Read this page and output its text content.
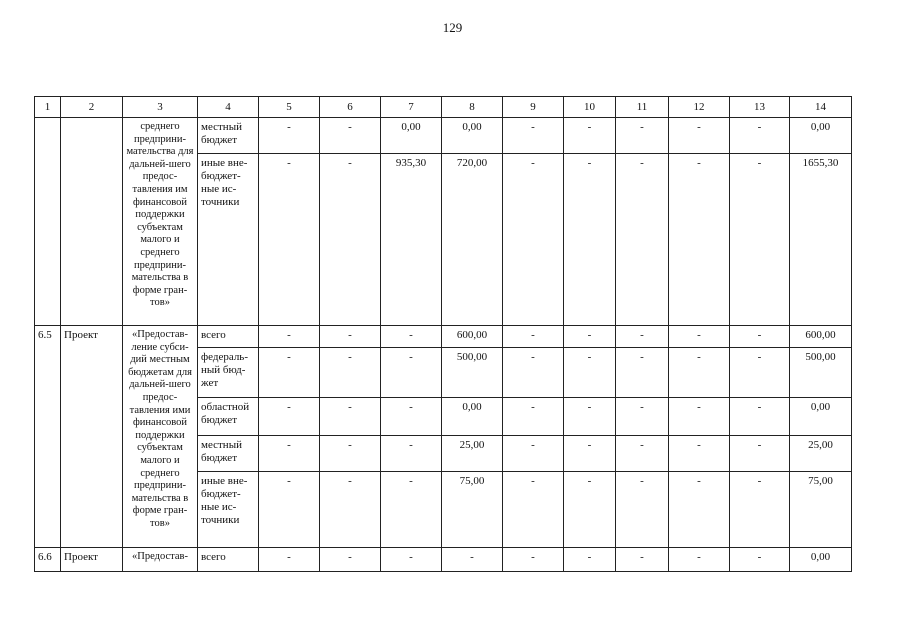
129
1	2	3	4	5	6	7	8	9	10	11	12	13	14
		среднего предприни-мательства для дальней-шего предос-тавления им финансовой поддержки субъектам малого и среднего предприни-мательства в форме гран-тов»	местный бюджет	-	-	0,00	0,00	-	-	-	-	-	0,00
			иные вне-бюджет-ные ис-точники	-	-	935,30	720,00	-	-	-	-	-	1655,30
6.5	Проект	«Предостав-ление субси-дий местным бюджетам для дальней-шего предос-тавления ими финансовой поддержки субъектам малого и среднего предприни-мательства в форме гран-тов»	всего	-	-	-	600,00	-	-	-	-	-	600,00
			федераль-ный бюд-жет	-	-	-	500,00	-	-	-	-	-	500,00
			областной бюджет	-	-	-	0,00	-	-	-	-	-	0,00
			местный бюджет	-	-	-	25,00	-	-	-	-	-	25,00
			иные вне-бюджет-ные ис-точники	-	-	-	75,00	-	-	-	-	-	75,00
6.6	Проект	«Предостав-	всего	-	-	-	-	-	-	-	-	-	0,00
